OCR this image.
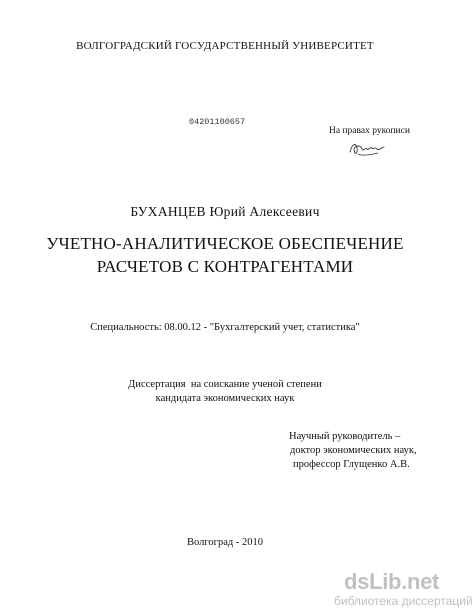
ВОЛГОГРАДСКИЙ ГОСУДАРСТВЕННЫЙ УНИВЕРСИТЕТ
04201100657
На правах рукописи
БУХАНЦЕВ Юрий Алексеевич
УЧЕТНО-АНАЛИТИЧЕСКОЕ ОБЕСПЕЧЕНИЕ
РАСЧЕТОВ С КОНТРАГЕНТАМИ
Специальность: 08.00.12 - "Бухгалтерский учет, статистика"
Диссертация  на соискание ученой степени
кандидата экономических наук
Научный руководитель –
доктор экономических наук,
профессор Глущенко А.В.
Волгоград - 2010
dsLib.net
библиотека диссертаций
